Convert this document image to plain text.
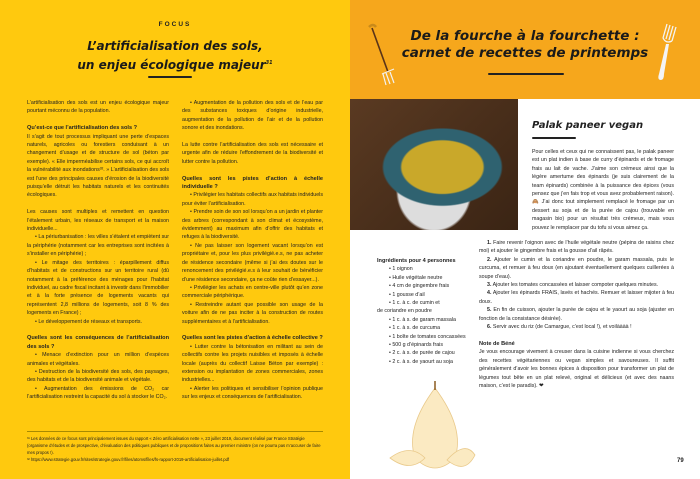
FOCUS
L’artificialisation des sols,
un enjeu écologique majeur$^{31}$

L’artificialisation des sols est un enjeu écologique majeur pourtant méconnu de la population.

Qu’est-ce que l’artificialisation des sols ?

Il s’agit de tout processus impliquant une perte d’espaces naturels, agricoles ou forestiers conduisant à un changement d’usage et de structure de sol (béton par exemple). « Elle imperméabilise certains sols, ce qui accroît la vulnérabilité aux inondations³². » L’artificialisation des sols est l’une des principales causes d’érosion de la biodiversité puisqu’elle détruit les habitats naturels et les continuités écologiques.

Les causes sont multiples et remettent en question l’étalement urbain, les réseaux de transport et la maison individuelle...

• La périurbanisation : les villes s’étalent et empiètent sur la périphérie (notamment car les entreprises sont incitées à s’installer en périphérie) ;

• Le mitage des territoires : éparpillement diffus d’habitats et de constructions sur un territoire rural (dû notamment à la préférence des ménages pour l’habitat individuel, au cadre fiscal incitant à investir dans l’immobilier et à la forte présence de logements vacants qui représentent 2,8 millions de logements, soit 8 % des logements en France) ;

• Le développement de réseaux et transports.

Quelles sont les conséquences de l’artificialisation des sols ?

• Menace d’extinction pour un million d’espèces animales et végétales.

• Destruction de la biodiversité des sols, des paysages, des habitats et de la biodiversité animale et végétale.

• Augmentation des émissions de CO₂ car l’artificialisation restreint la capacité du sol à stocker le CO₂.

• Augmentation de la pollution des sols et de l’eau par des substances toxiques d’origine industrielle, augmentation de la pollution de l’air et de la pollution sonore et des inondations.

La lutte contre l’artificialisation des sols est nécessaire et urgente afin de réduire l’effondrement de la biodiversité et lutter contre la pollution.

Quelles sont les pistes d’action à échelle individuelle ?

• Privilégier les habitats collectifs aux habitats individuels pour éviter l’artificialisation.

• Prendre soin de son sol lorsqu’on a un jardin et planter des arbres (correspondant à son climat et écosystème, évidemment) au maximum afin d’offrir des habitats et refuges à la biodiversité.

• Ne pas laisser son logement vacant lorsqu’on est propriétaire et, pour les plus privilégié.e.s, ne pas acheter de résidence secondaire (même si j’ai des doutes sur le renoncement des privilégié.e.s à leur souhait de bénéficier d’une résidence secondaire, ça ne coûte rien d’essayer...).

• Privilégier les achats en centre-ville plutôt qu’en zone commerciale périphérique.

• Restreindre autant que possible son usage de la voiture afin de ne pas inciter à la construction de routes supplémentaires et à l’artificialisation.

Quelles sont les pistes d’action à échelle collective ?

• Lutter contre la bétonisation en militant au sein de collectifs contre les projets nuisibles et imposés à échelle locale (auprès du collectif Laisse Béton par exemple) : extension ou implantation de zones commerciales, zones industrielles...

• Alerter les politiques et sensibiliser l’opinion publique sur les enjeux et conséquences de l’artificialisation.

³¹ Les données de ce focus sont principalement issues du rapport « Zéro artificialisation nette », 23 juillet 2019, document réalisé par France Stratégie (organisme d’études et de prospective, d’évaluation des politiques publiques et de propositions faites au premier ministre (on ne pourra pas m’accuser de faire mes propos !).

³² https://www.strategie.gouv.fr/sites/strategie.gouv.fr/files/atoms/files/fs-rapport-2019-artificialisation-juillet.pdf

De la fourche à la fourchette :
carnet de recettes de printemps
Palak paneer vegan
Pour celles et ceux qui ne connaissent pas, le palak paneer est un plat indien à base de curry d’épinards et de fromage frais au lait de vache. J’aime son crémeux ainsi que la légère amertume des épinards (je suis clairement de la team épinards) combinée à la puissance des épices (vous pensez que j’en fais trop et vous avez probablement raison). 🙈 J’ai donc tout simplement remplacé le fromage par un dessert au soja et de la purée de cajou (trouvable en magasin bio) pour un résultat très crémeux, mais vous pouvez le remplacer par du tofu si vous aimez ça.
Ingrédients pour 4 personnes

• 1 oignon

• Huile végétale neutre

• 4 cm de gingembre frais

• 1 gousse d’ail

• 1 c. à c. de cumin et

de coriandre en poudre

• 1 c. à s. de garam massala

• 1 c. à s. de curcuma

• 1 boîte de tomates concassées

• 500 g d’épinards frais

• 2 c. à s. de purée de cajou

• 2 c. à s. de yaourt au soja

1. Faire revenir l’oignon avec de l’huile végétale neutre (pépins de raisins chez moi) et ajouter le gingembre frais et la gousse d’ail râpés.

2. Ajouter le cumin et la coriandre en poudre, le garam massala, puis le curcuma, et remuer à feu doux (en ajoutant éventuellement quelques cuillerées à soupe d’eau).

3. Ajouter les tomates concassées et laisser compoter quelques minutes.

4. Ajouter les épinards FRAIS, lavés et hachés. Remuer et laisser mijoter à feu doux.

5. En fin de cuisson, ajouter la purée de cajou et le yaourt au soja (ajuster en fonction de la consistance désirée).

6. Servir avec du riz (de Camargue, c’est local !), et voilàààà !

Note de Béné

Je vous encourage vivement à creuser dans la cuisine indienne si vous cherchez des recettes végétariennes ou vegan simples et savoureuses. Il suffit généralement d’avoir les bonnes épices à disposition pour transformer un plat de légumes tout bête en un plat relevé, original et délicieux (et avec des naans maison, c’est le paradis). ❤

79
